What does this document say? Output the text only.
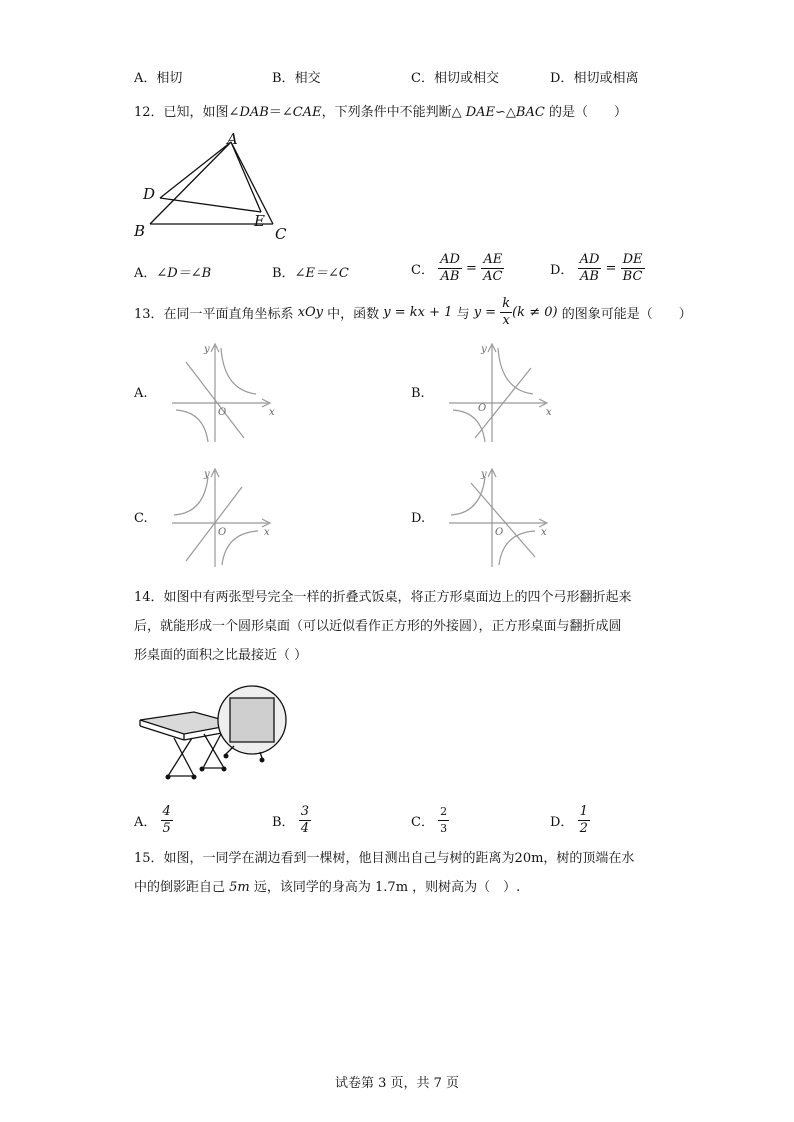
A．相切	B．相交	C．相切或相交	D．相切或相离
12．已知，如图∠DAB＝∠CAE，下列条件中不能判断△ DAE∽△BAC 的是（　　）
A
B	C
D
E
A．∠D＝∠B	B．∠E＝∠C	C． $\frac{AD}{AB} = \frac{AE}{AC}$	D． $\frac{AD}{AB} = \frac{DE}{BC}$
13．在同一平面直角坐标系 xOy 中，函数 y = kx + 1 与 $y = \frac{k}{x} (k \ne 0)$ 的图象可能是（　　）
A.	B.
C.	D.
y
x
O
y
x
O
y
x
O
y
x
O
14．如图中有两张型号完全一样的折叠式饭桌，将正方形桌面边上的四个弓形翻折起来
后，就能形成一个圆形桌面（可以近似看作正方形的外接圆），正方形桌面与翻折成圆
形桌面的面积之比最接近（ ）
A． $\frac{4}{5}$	B． $\frac{3}{4}$	C． $\frac{2}{3}$	D． $\frac{1}{2}$
15．如图，一同学在湖边看到一棵树，他目测出自己与树的距离为20m，树的顶端在水
中的倒影距自己 5m 远，该同学的身高为 1.7m ，则树高为（　）.
试卷第 3 页，共 7 页
